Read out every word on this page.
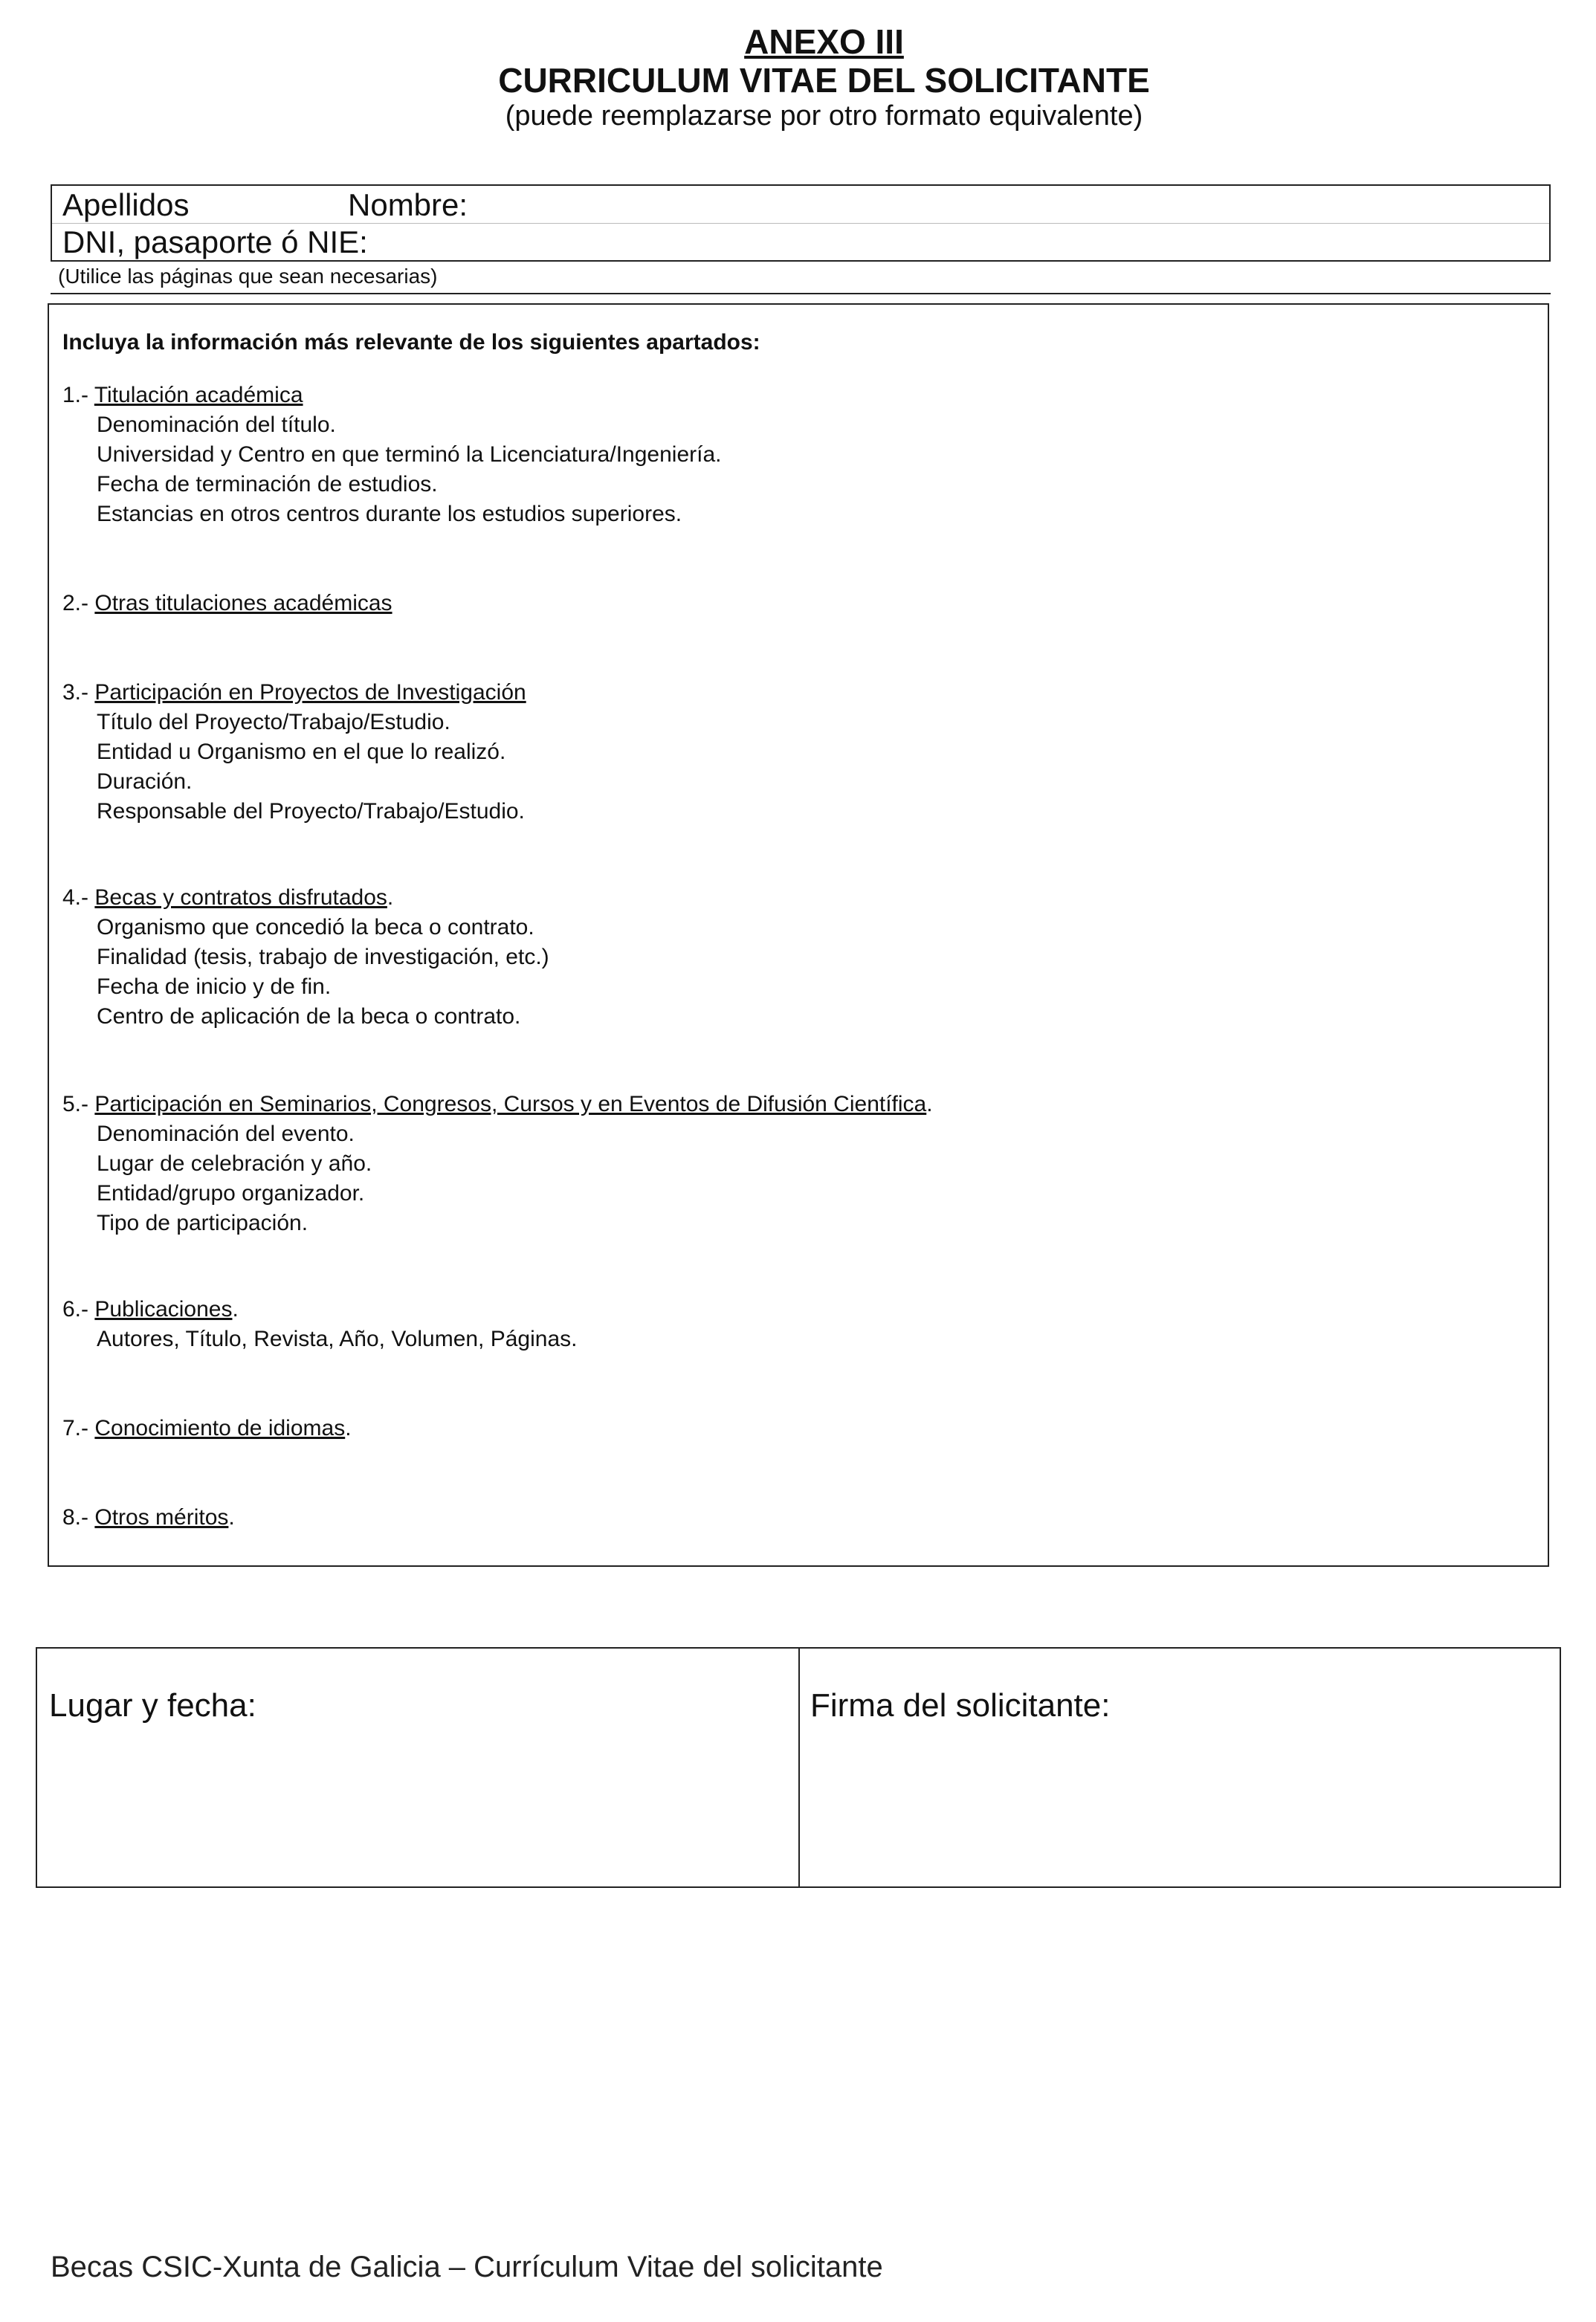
ANEXO III
CURRICULUM VITAE DEL SOLICITANTE
(puede reemplazarse por otro formato equivalente)
Apellidos	Nombre:
DNI, pasaporte ó NIE:
(Utilice las páginas que sean necesarias)
Incluya la información más relevante de los siguientes apartados:
1.- Titulación académica
Denominación del título.
Universidad y Centro en que terminó la Licenciatura/Ingeniería.
Fecha de terminación de estudios.
Estancias en otros centros durante los estudios superiores.
2.- Otras titulaciones académicas
3.- Participación en Proyectos de Investigación
Título del Proyecto/Trabajo/Estudio.
Entidad u Organismo en el que lo realizó.
Duración.
Responsable del Proyecto/Trabajo/Estudio.
4.- Becas y contratos disfrutados.
Organismo que concedió la beca o contrato.
Finalidad (tesis, trabajo de investigación, etc.)
Fecha de inicio y de fin.
Centro de aplicación de la beca o contrato.
5.- Participación en Seminarios, Congresos, Cursos y en Eventos de Difusión Científica.
Denominación del evento.
Lugar de celebración y año.
Entidad/grupo organizador.
Tipo de participación.
6.- Publicaciones.
Autores, Título, Revista, Año, Volumen, Páginas.
7.- Conocimiento de idiomas.
8.- Otros méritos.
Lugar y fecha:	Firma del solicitante:
Becas CSIC-Xunta de Galicia – Currículum Vitae del solicitante
